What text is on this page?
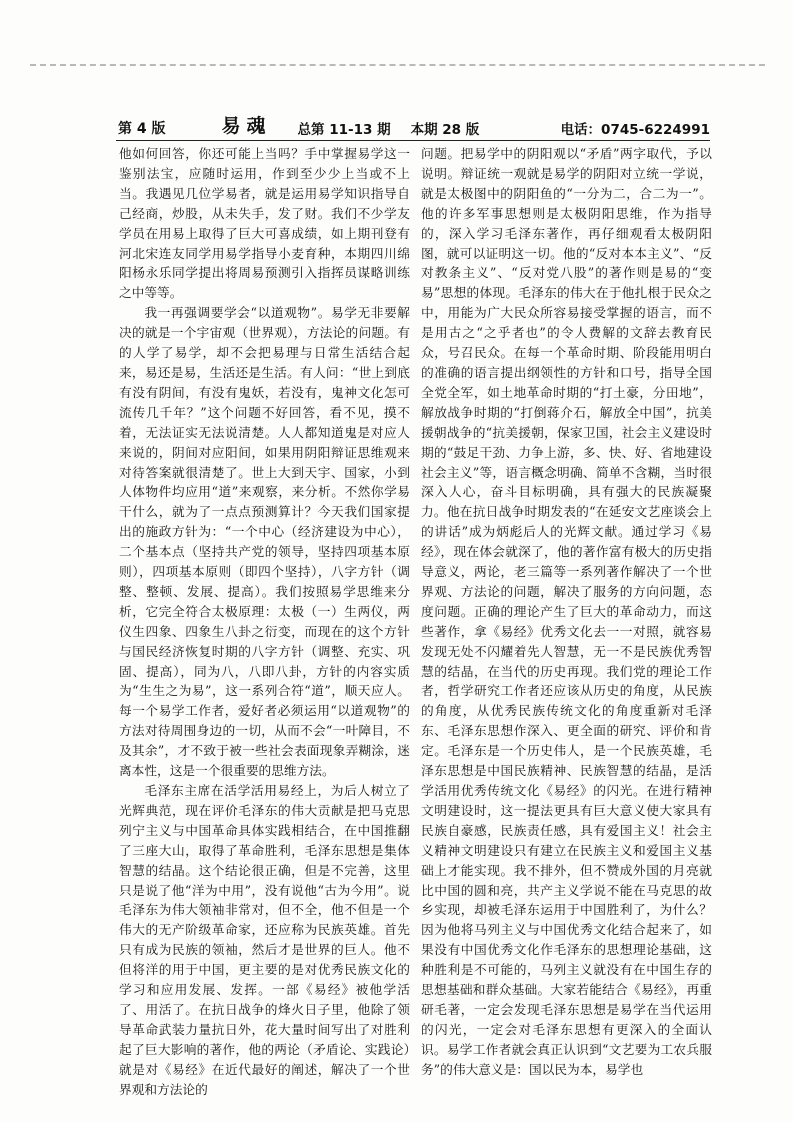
第 4 版	易魂 总第 11-13 期 本期 28 版	电话：0745-6224991

他如何回答，你还可能上当吗？手中掌握易学这一鉴别法宝，应随时运用，作到至少少上当或不上当。我遇见几位学易者，就是运用易学知识指导自己经商，炒股，从未失手，发了财。我们不少学友学员在用易上取得了巨大可喜成绩，如上期刊登有河北宋连友同学用易学指导小麦育种，本期四川绵阳杨永乐同学提出将周易预测引入指挥员谋略训练之中等等。

我一再强调要学会“以道观物”。易学无非要解决的就是一个宇宙观（世界观），方法论的问题。有的人学了易学，却不会把易理与日常生活结合起来，易还是易，生活还是生活。有人问：“世上到底有没有阴间，有没有鬼妖，若没有，鬼神文化怎可流传几千年？”这个问题不好回答，看不见，摸不着，无法证实无法说清楚。人人都知道鬼是对应人来说的，阴间对应阳间，如果用阴阳辩证思维观来对待答案就很清楚了。世上大到天宇、国家，小到人体物件均应用“道”来观察，来分析。不然你学易干什么，就为了一点点预测算计？今天我们国家提出的施政方针为：“一个中心（经济建设为中心），二个基本点（坚持共产党的领导，坚持四项基本原则），四项基本原则（即四个坚持），八字方针（调整、整顿、发展、提高）。我们按照易学思维来分析，它完全符合太极原理：太极（一）生两仪，两仪生四象、四象生八卦之衍变，而现在的这个方针与国民经济恢复时期的八字方针（调整、充实、巩固、提高），同为八，八即八卦，方针的内容实质为“生生之为易”，这一系列合符“道”，顺天应人。每一个易学工作者，爱好者必须运用“以道观物”的方法对待周围身边的一切，从而不会“一叶障目，不及其余”，才不致于被一些社会表面现象弄糊涂，迷离本性，这是一个很重要的思维方法。

毛泽东主席在活学活用易经上，为后人树立了光辉典范，现在评价毛泽东的伟大贡献是把马克思列宁主义与中国革命具体实践相结合，在中国推翻了三座大山，取得了革命胜利，毛泽东思想是集体智慧的结晶。这个结论很正确，但是不完善，这里只是说了他“洋为中用”，没有说他“古为今用”。说毛泽东为伟大领袖非常对，但不全，他不但是一个伟大的无产阶级革命家，还应称为民族英雄。首先只有成为民族的领袖，然后才是世界的巨人。他不但将洋的用于中国，更主要的是对优秀民族文化的学习和应用发展、发挥。一部《易经》被他学活了、用活了。在抗日战争的烽火日子里，他除了领导革命武装力量抗日外，花大量时间写出了对胜利起了巨大影响的著作，他的两论（矛盾论、实践论）就是对《易经》在近代最好的阐述，解决了一个世界观和方法论的

问题。把易学中的阴阳观以“矛盾”两字取代，予以说明。辩证统一观就是易学的阴阳对立统一学说，就是太极图中的阴阳鱼的“一分为二，合二为一”。他的许多军事思想则是太极阴阳思维，作为指导的，深入学习毛泽东著作，再仔细观看太极阴阳图，就可以证明这一切。他的“反对本本主义”、“反对教条主义”、“反对党八股”的著作则是易的“变易”思想的体现。毛泽东的伟大在于他扎根于民众之中，用能为广大民众所容易接受掌握的语言，而不是用古之“之乎者也”的令人费解的文辞去教育民众，号召民众。在每一个革命时期、阶段能用明白的准确的语言提出纲领性的方针和口号，指导全国全党全军，如土地革命时期的“打土豪，分田地”，解放战争时期的“打倒蒋介石，解放全中国”，抗美援朝战争的“抗美援朝，保家卫国，社会主义建设时期的“鼓足干劲、力争上游，多、快、好、省地建设社会主义”等，语言概念明确、简单不含糊，当时很深入人心，奋斗目标明确，具有强大的民族凝聚力。他在抗日战争时期发表的“在延安文艺座谈会上的讲话”成为炳彪后人的光辉文献。通过学习《易经》，现在体会就深了，他的著作富有极大的历史指导意义，两论，老三篇等一系列著作解决了一个世界观、方法论的问题，解决了服务的方向问题，态度问题。正确的理论产生了巨大的革命动力，而这些著作，拿《易经》优秀文化去一一对照，就容易发现无处不闪耀着先人智慧，无一不是民族优秀智慧的结晶，在当代的历史再现。我们党的理论工作者，哲学研究工作者还应该从历史的角度，从民族的角度，从优秀民族传统文化的角度重新对毛泽东、毛泽东思想作深入、更全面的研究、评价和肯定。毛泽东是一个历史伟人，是一个民族英雄，毛泽东思想是中国民族精神、民族智慧的结晶，是活学活用优秀传统文化《易经》的闪光。在进行精神文明建设时，这一提法更具有巨大意义使大家具有民族自豪感，民族责任感，具有爱国主义！社会主义精神文明建设只有建立在民族主义和爱国主义基础上才能实现。我不排外，但不赞成外国的月亮就比中国的圆和亮，共产主义学说不能在马克思的故乡实现，却被毛泽东运用于中国胜利了，为什么？因为他将马列主义与中国优秀文化结合起来了，如果没有中国优秀文化作毛泽东的思想理论基础，这种胜利是不可能的，马列主义就没有在中国生存的思想基础和群众基础。大家若能结合《易经》，再重研毛著，一定会发现毛泽东思想是易学在当代运用的闪光，一定会对毛泽东思想有更深入的全面认识。易学工作者就会真正认识到“文艺要为工农兵服务”的伟大意义是：国以民为本，易学也
